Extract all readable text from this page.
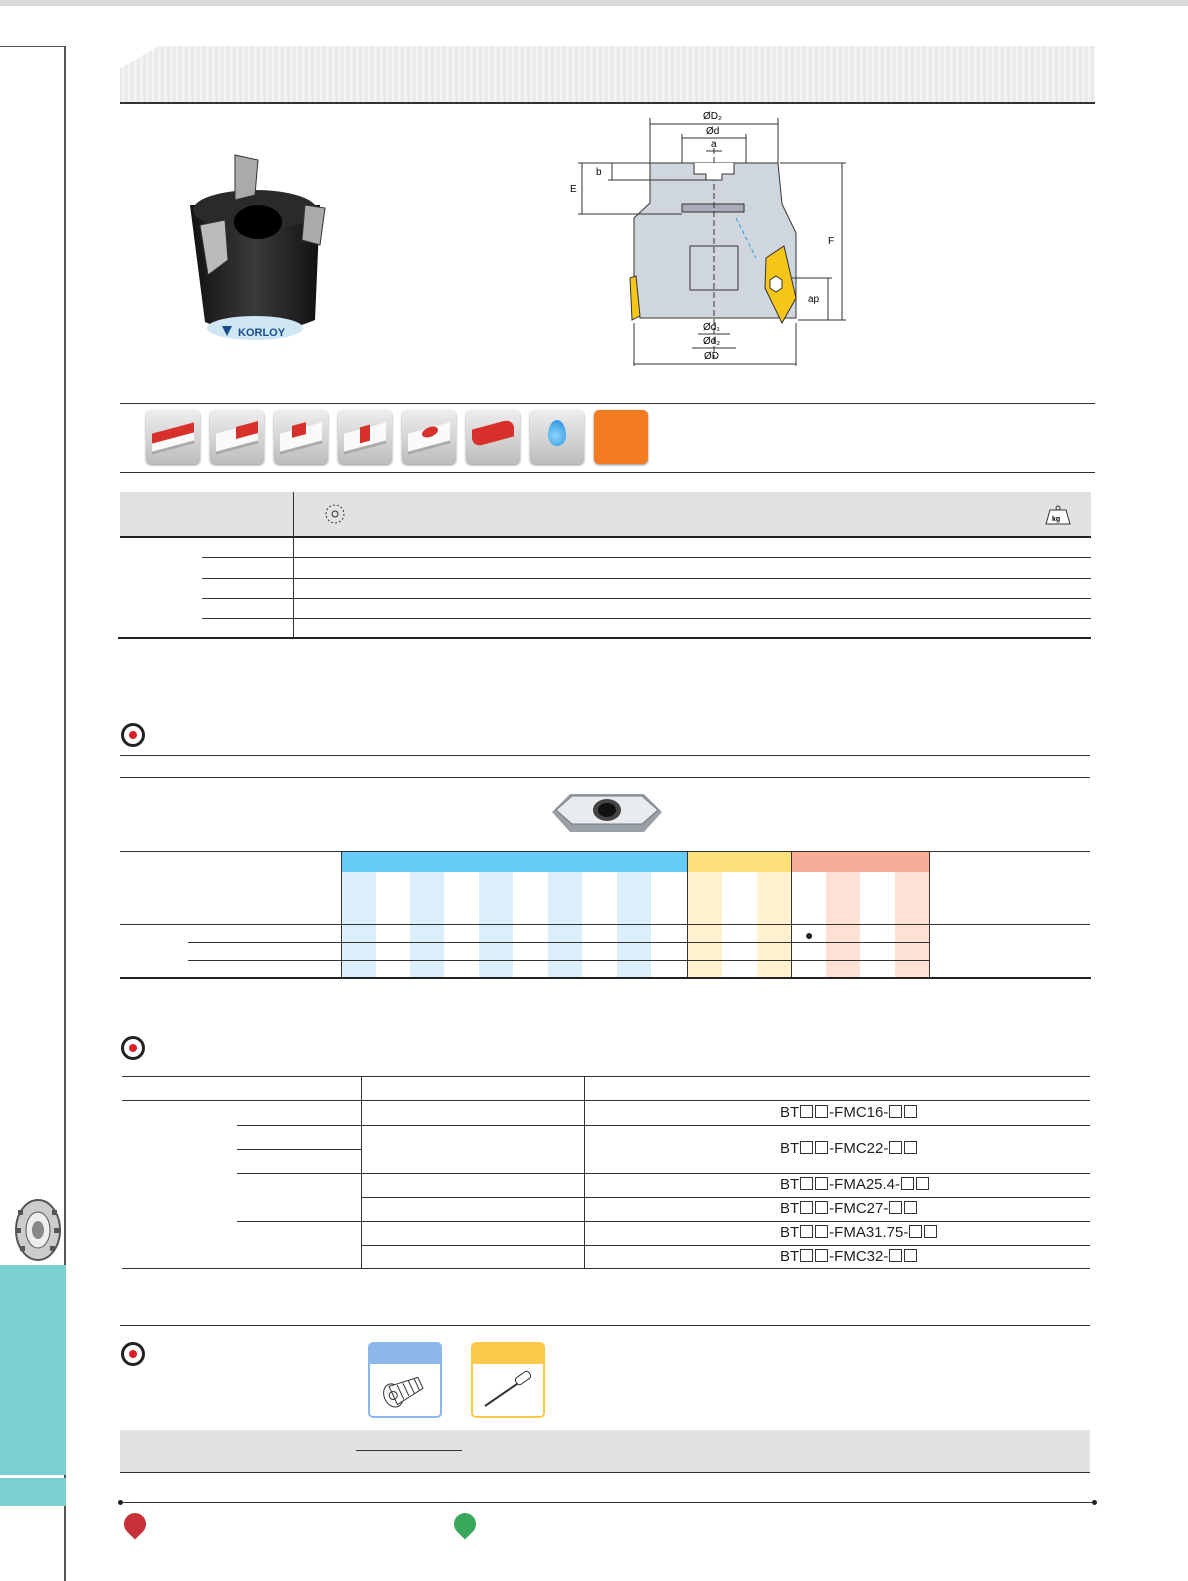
KORLOY
ØD₂
Ød
a
b
E
F
ap
Ød₁
Ød₂
ØD
kg
●
BT -FMC16-
BT -FMC22-
BT -FMA25.4-
BT -FMC27-
BT -FMA31.75-
BT -FMC32-
